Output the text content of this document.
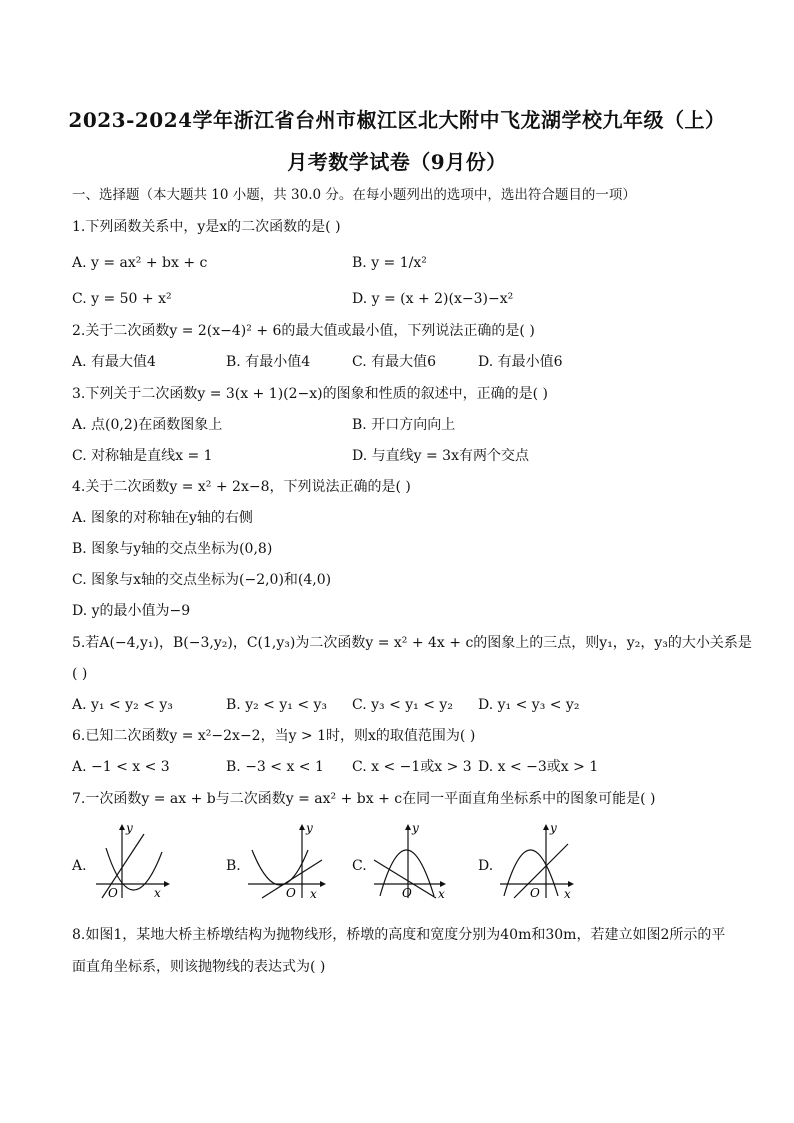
2023-2024学年浙江省台州市椒江区北大附中飞龙湖学校九年级（上）
月考数学试卷（9月份）
一、选择题（本大题共 10 小题，共 30.0 分。在每小题列出的选项中，选出符合题目的一项）
1.下列函数关系中，y是x的二次函数的是( )
A. y = ax² + bx + c	B. y = 1/x²
C. y = 50 + x²	D. y = (x + 2)(x−3)−x²
2.关于二次函数y = 2(x−4)² + 6的最大值或最小值，下列说法正确的是( )
A. 有最大值4	B. 有最小值4	C. 有最大值6	D. 有最小值6
3.下列关于二次函数y = 3(x + 1)(2−x)的图象和性质的叙述中，正确的是( )
A. 点(0,2)在函数图象上	B. 开口方向向上
C. 对称轴是直线x = 1	D. 与直线y = 3x有两个交点
4.关于二次函数y = x² + 2x−8，下列说法正确的是( )
A. 图象的对称轴在y轴的右侧
B. 图象与y轴的交点坐标为(0,8)
C. 图象与x轴的交点坐标为(−2,0)和(4,0)
D. y的最小值为−9
5.若A(−4,y₁)，B(−3,y₂)，C(1,y₃)为二次函数y = x² + 4x + c的图象上的三点，则y₁，y₂，y₃的大小关系是
( )
A. y₁ < y₂ < y₃	B. y₂ < y₁ < y₃ C. y₃ < y₁ < y₂ D. y₁ < y₃ < y₂
6.已知二次函数y = x²−2x−2，当y > 1时，则x的取值范围为( )
A. −1 < x < 3	B. −3 < x < 1 C. x < −1或x > 3 D. x < −3或x > 1
7.一次函数y = ax + b与二次函数y = ax² + bx + c在同一平面直角坐标系中的图象可能是( )
A.
y
O	x
B.
y
O x
C.
y
O x
D.
y
O x
8.如图1，某地大桥主桥墩结构为抛物线形，桥墩的高度和宽度分别为40m和30m，若建立如图2所示的平
面直角坐标系，则该抛物线的表达式为( )
